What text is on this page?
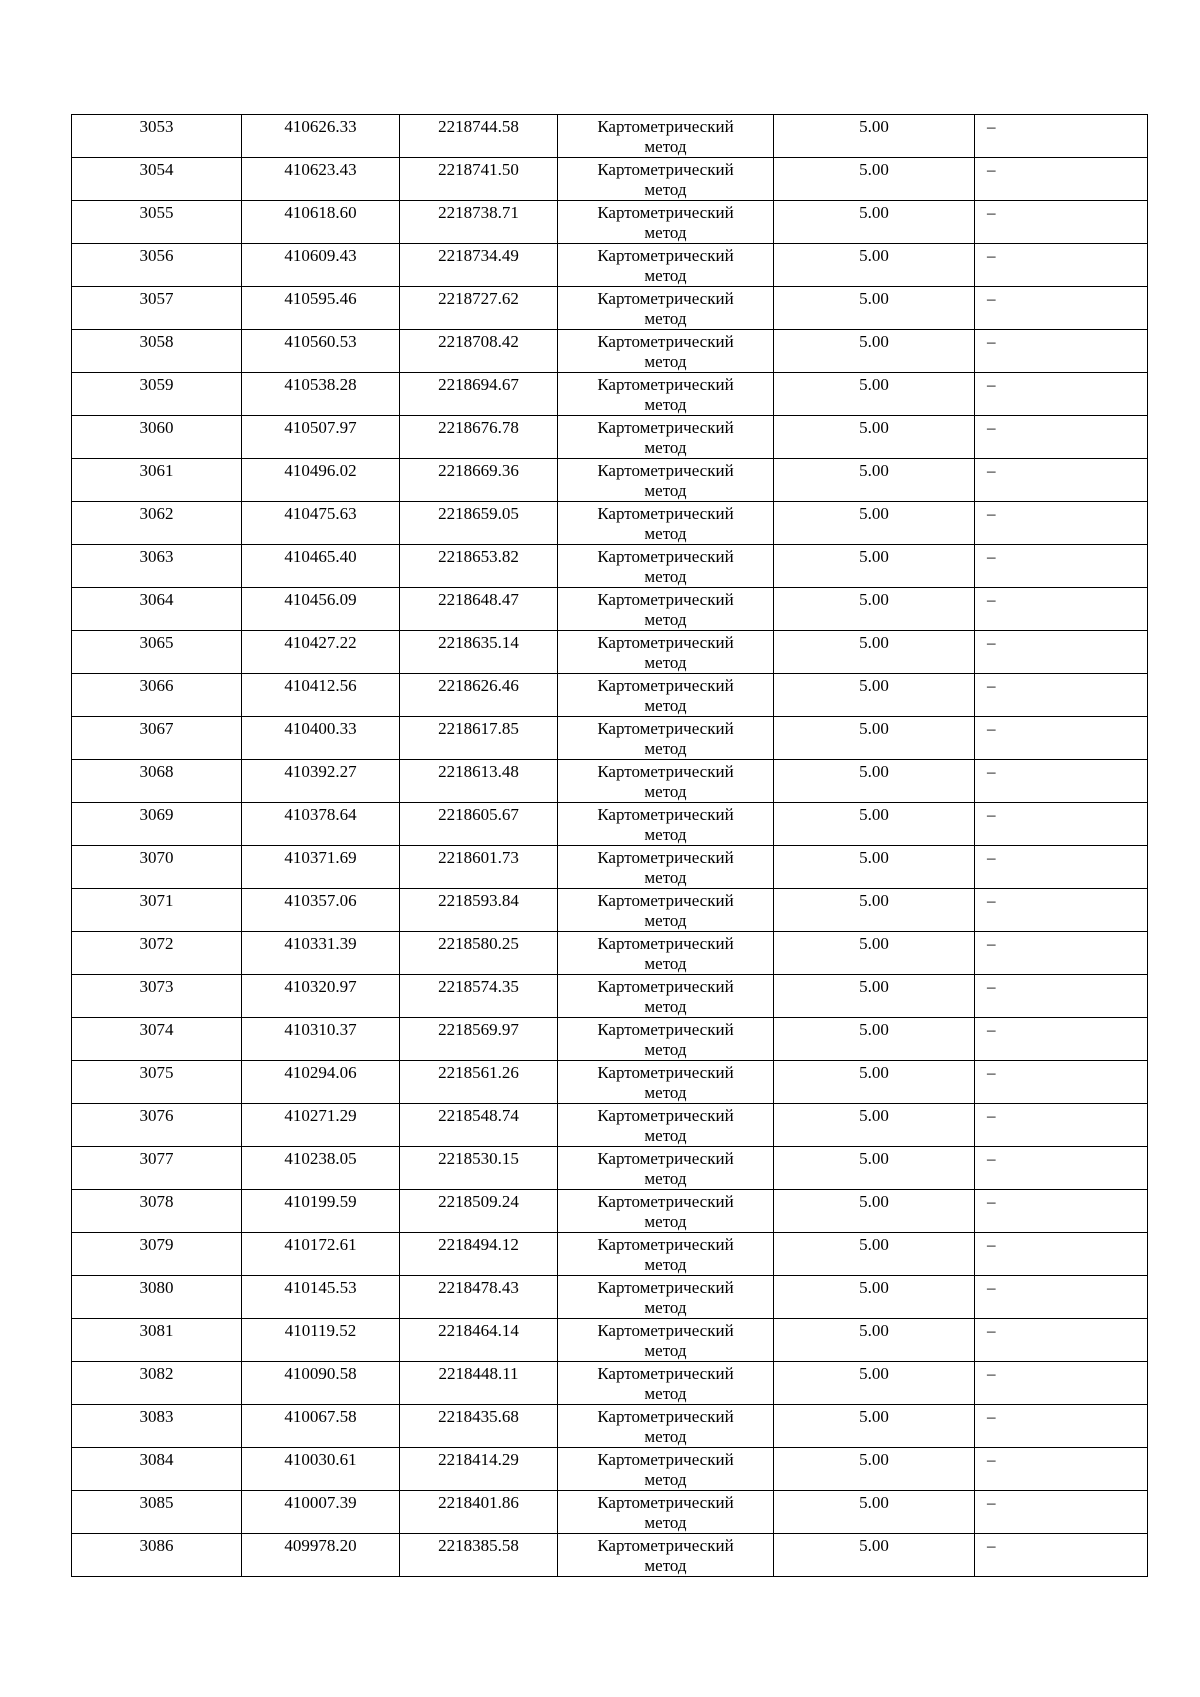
3053	410626.33	2218744.58	Картометрический
метод	5.00	–
3054	410623.43	2218741.50	Картометрический
метод	5.00	–
3055	410618.60	2218738.71	Картометрический
метод	5.00	–
3056	410609.43	2218734.49	Картометрический
метод	5.00	–
3057	410595.46	2218727.62	Картометрический
метод	5.00	–
3058	410560.53	2218708.42	Картометрический
метод	5.00	–
3059	410538.28	2218694.67	Картометрический
метод	5.00	–
3060	410507.97	2218676.78	Картометрический
метод	5.00	–
3061	410496.02	2218669.36	Картометрический
метод	5.00	–
3062	410475.63	2218659.05	Картометрический
метод	5.00	–
3063	410465.40	2218653.82	Картометрический
метод	5.00	–
3064	410456.09	2218648.47	Картометрический
метод	5.00	–
3065	410427.22	2218635.14	Картометрический
метод	5.00	–
3066	410412.56	2218626.46	Картометрический
метод	5.00	–
3067	410400.33	2218617.85	Картометрический
метод	5.00	–
3068	410392.27	2218613.48	Картометрический
метод	5.00	–
3069	410378.64	2218605.67	Картометрический
метод	5.00	–
3070	410371.69	2218601.73	Картометрический
метод	5.00	–
3071	410357.06	2218593.84	Картометрический
метод	5.00	–
3072	410331.39	2218580.25	Картометрический
метод	5.00	–
3073	410320.97	2218574.35	Картометрический
метод	5.00	–
3074	410310.37	2218569.97	Картометрический
метод	5.00	–
3075	410294.06	2218561.26	Картометрический
метод	5.00	–
3076	410271.29	2218548.74	Картометрический
метод	5.00	–
3077	410238.05	2218530.15	Картометрический
метод	5.00	–
3078	410199.59	2218509.24	Картометрический
метод	5.00	–
3079	410172.61	2218494.12	Картометрический
метод	5.00	–
3080	410145.53	2218478.43	Картометрический
метод	5.00	–
3081	410119.52	2218464.14	Картометрический
метод	5.00	–
3082	410090.58	2218448.11	Картометрический
метод	5.00	–
3083	410067.58	2218435.68	Картометрический
метод	5.00	–
3084	410030.61	2218414.29	Картометрический
метод	5.00	–
3085	410007.39	2218401.86	Картометрический
метод	5.00	–
3086	409978.20	2218385.58	Картометрический
метод	5.00	–
